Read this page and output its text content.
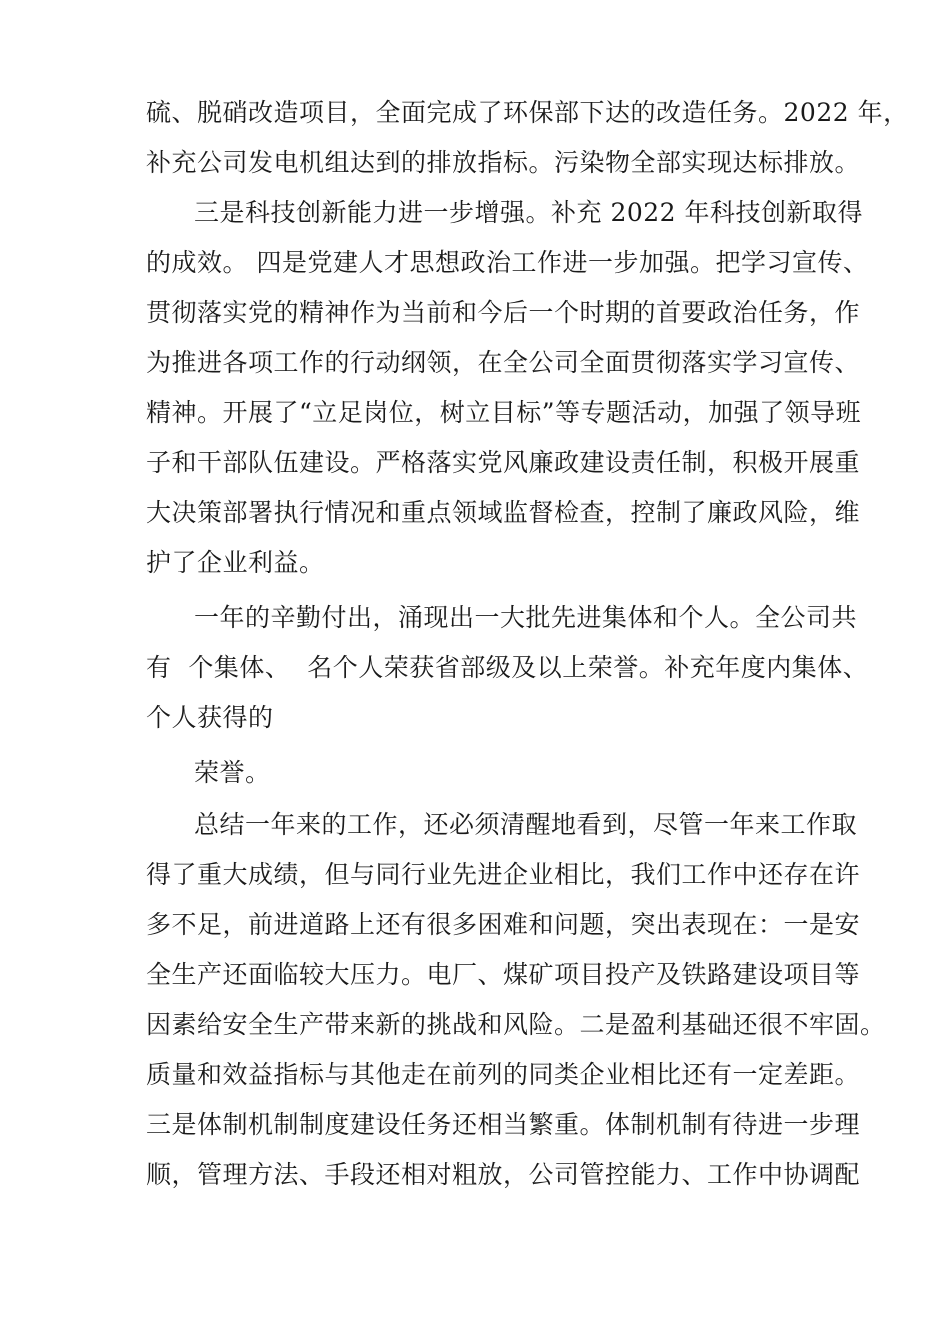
硫、脱硝改造项目，全面完成了环保部下达的改造任务。2022 年，
补充公司发电机组达到的排放指标。污染物全部实现达标排放。
三是科技创新能力进一步增强。补充 2022 年科技创新取得
的成效。 四是党建人才思想政治工作进一步加强。把学习宣传、
贯彻落实党的精神作为当前和今后一个时期的首要政治任务，作
为推进各项工作的行动纲领，在全公司全面贯彻落实学习宣传、
精神。开展了“立足岗位，树立目标”等专题活动，加强了领导班
子和干部队伍建设。严格落实党风廉政建设责任制，积极开展重
大决策部署执行情况和重点领域监督检查，控制了廉政风险，维
护了企业利益。
一年的辛勤付出，涌现出一大批先进集体和个人。全公司共
有  个集体、  名个人荣获省部级及以上荣誉。补充年度内集体、
个人获得的
荣誉。
总结一年来的工作，还必须清醒地看到，尽管一年来工作取
得了重大成绩，但与同行业先进企业相比，我们工作中还存在许
多不足，前进道路上还有很多困难和问题，突出表现在：一是安
全生产还面临较大压力。电厂、煤矿项目投产及铁路建设项目等
因素给安全生产带来新的挑战和风险。二是盈利基础还很不牢固。
质量和效益指标与其他走在前列的同类企业相比还有一定差距。
三是体制机制制度建设任务还相当繁重。体制机制有待进一步理
顺，管理方法、手段还相对粗放，公司管控能力、工作中协调配
